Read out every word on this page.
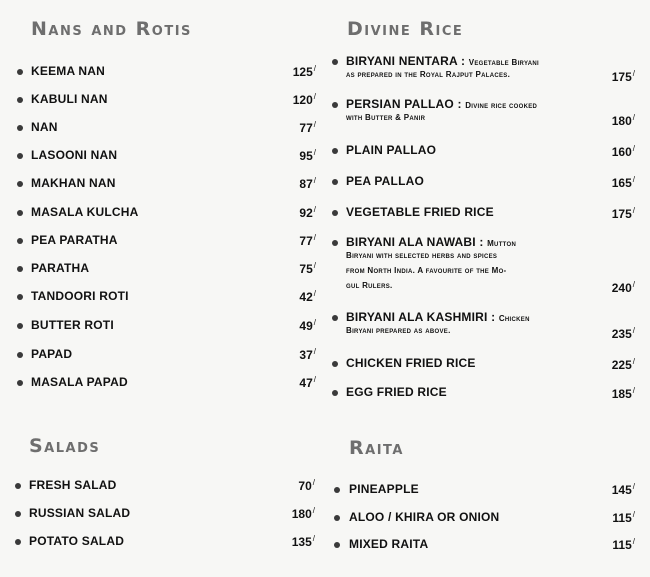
Nans and Rotis
KEEMA NAN	125/
KABULI NAN	120/
NAN	77/
LASOONI NAN	95/
MAKHAN NAN	87/
MASALA KULCHA	92/
PEA PARATHA	77/
PARATHA	75/
TANDOORI ROTI	42/
BUTTER ROTI	49/
PAPAD	37/
MASALA PAPAD	47/
Divine Rice
BIRYANI NENTARA : Vegetable Biryani
as prepared in the Royal Rajput Palaces.	175/
PERSIAN PALLAO : Divine rice cooked
with Butter & Panir	180/
PLAIN PALLAO	160/
PEA PALLAO	165/
VEGETABLE FRIED RICE	175/
BIRYANI ALA NAWABI : Mutton
Biryani with selected herbs and spices
from North India. A favourite of the Mo-
gul Rulers.	240/
BIRYANI ALA KASHMIRI : Chicken
Biryani prepared as above.	235/
CHICKEN FRIED RICE	225/
EGG FRIED RICE	185/
Salads
FRESH SALAD	70/
RUSSIAN SALAD	180/
POTATO SALAD	135/
Raita
PINEAPPLE	145/
ALOO / KHIRA OR ONION	115/
MIXED RAITA	115/
